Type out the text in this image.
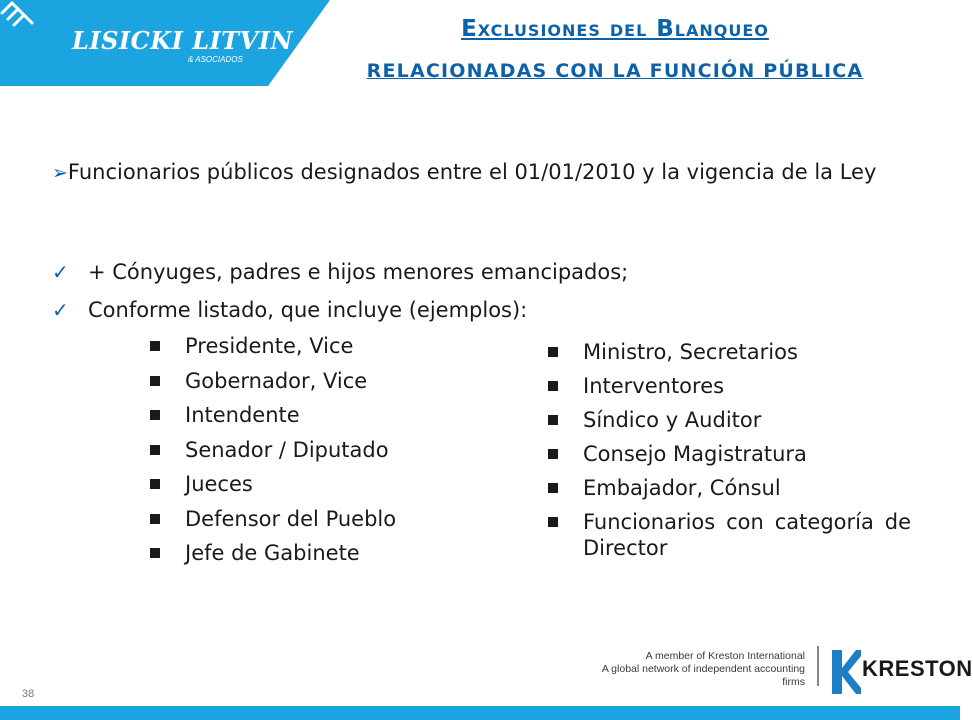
LISICKI LITVIN
& ASOCIADOS
Exclusiones del Blanqueo
RELACIONADAS CON LA FUNCIÓN PÚBLICA
➢Funcionarios públicos designados entre el 01/01/2010 y la vigencia de la Ley
✓ + Cónyuges, padres e hijos menores emancipados;
✓ Conforme listado, que incluye (ejemplos):
Presidente, Vice
Gobernador, Vice
Intendente
Senador / Diputado
Jueces
Defensor del Pueblo
Jefe de Gabinete
Ministro, Secretarios
Interventores
Síndico y Auditor
Consejo Magistratura
Embajador, Cónsul
Funcionarios con categoría de Director
38
A member of Kreston International
A global network of independent accounting firms
KRESTON
